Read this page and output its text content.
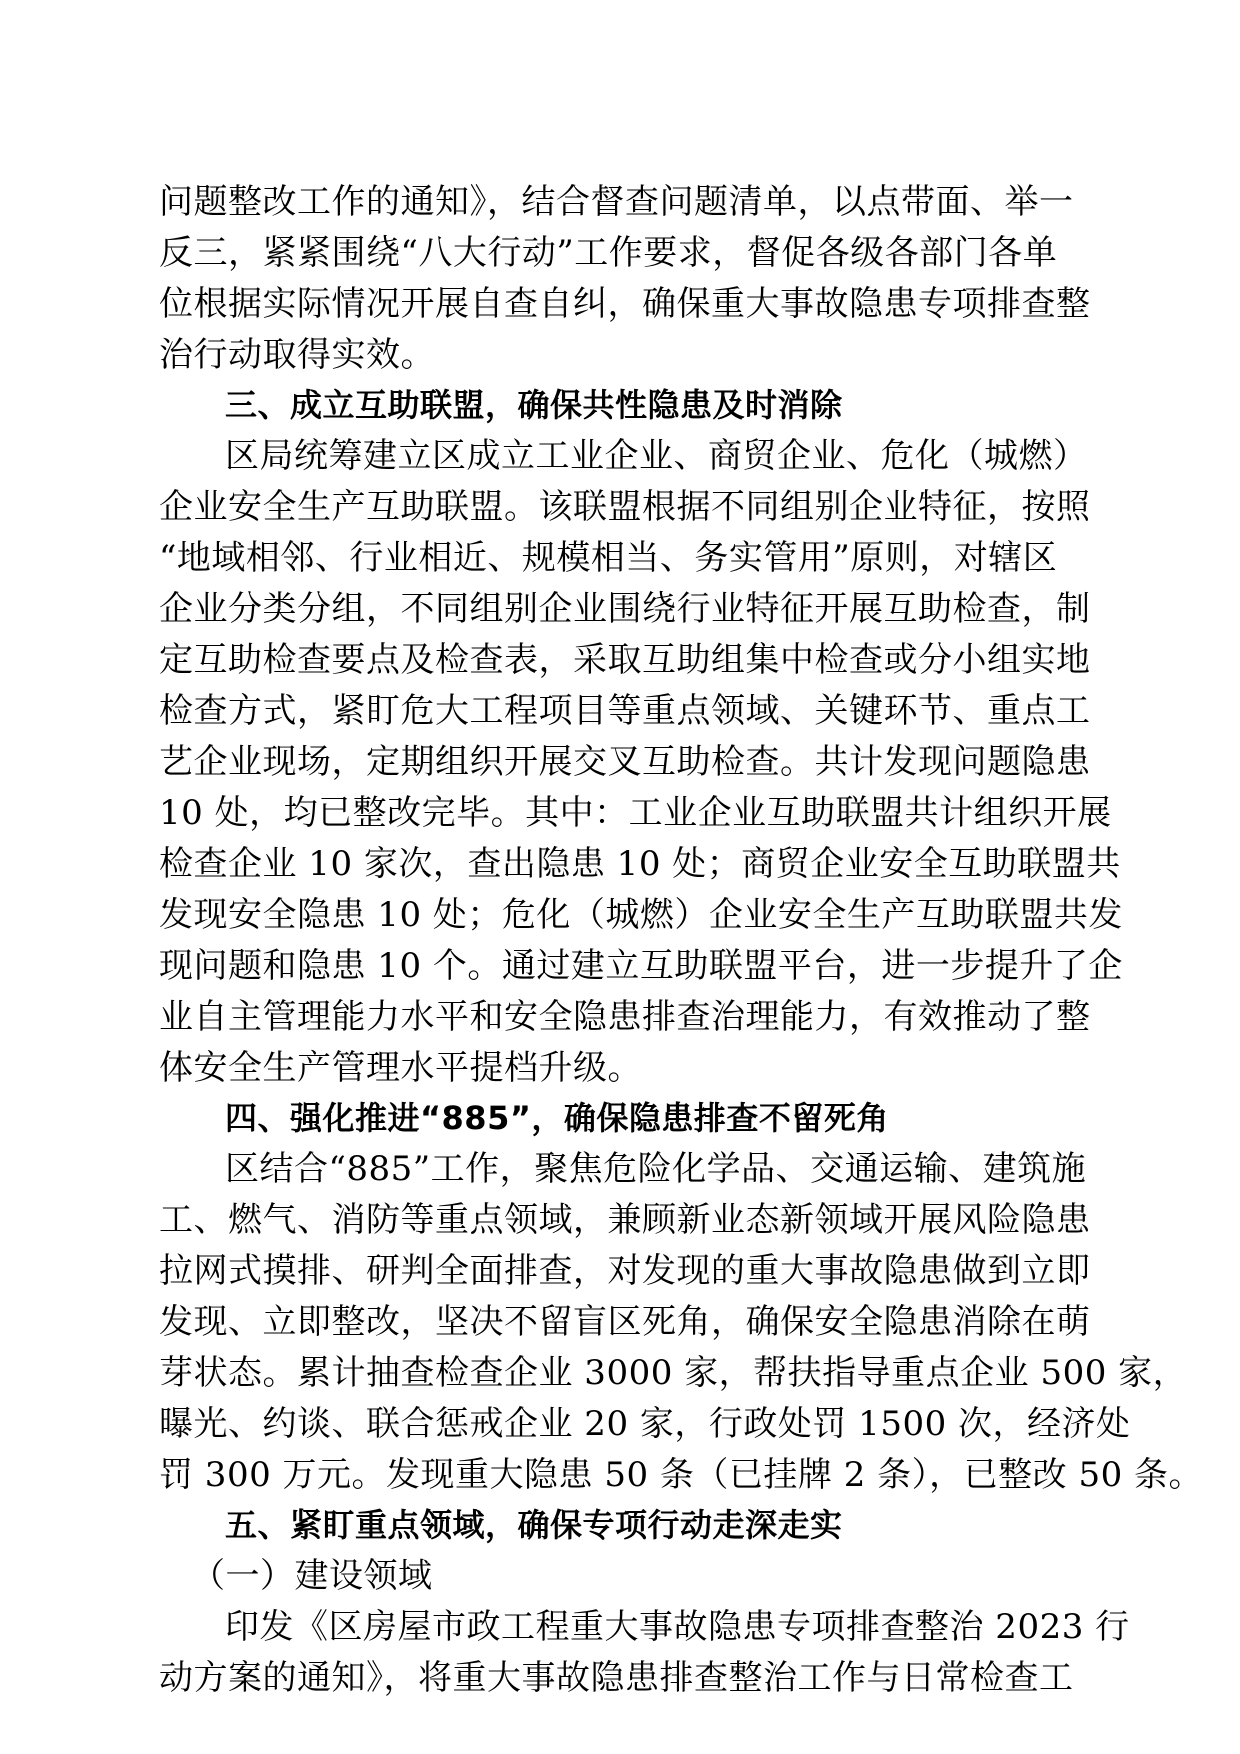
问题整改工作的通知》，结合督查问题清单，以点带面、举一
反三，紧紧围绕“八大行动”工作要求，督促各级各部门各单
位根据实际情况开展自查自纠，确保重大事故隐患专项排查整
治行动取得实效。
三、成立互助联盟，确保共性隐患及时消除
区局统筹建立区成立工业企业、商贸企业、危化（城燃）
企业安全生产互助联盟。该联盟根据不同组别企业特征，按照
“地域相邻、行业相近、规模相当、务实管用”原则，对辖区
企业分类分组，不同组别企业围绕行业特征开展互助检查，制
定互助检查要点及检查表，采取互助组集中检查或分小组实地
检查方式，紧盯危大工程项目等重点领域、关键环节、重点工
艺企业现场，定期组织开展交叉互助检查。共计发现问题隐患
10 处，均已整改完毕。其中：工业企业互助联盟共计组织开展
检查企业 10 家次，查出隐患 10 处；商贸企业安全互助联盟共
发现安全隐患 10 处；危化（城燃）企业安全生产互助联盟共发
现问题和隐患 10 个。通过建立互助联盟平台，进一步提升了企
业自主管理能力水平和安全隐患排查治理能力，有效推动了整
体安全生产管理水平提档升级。
四、强化推进“885”，确保隐患排查不留死角
区结合“885”工作，聚焦危险化学品、交通运输、建筑施
工、燃气、消防等重点领域，兼顾新业态新领域开展风险隐患
拉网式摸排、研判全面排查，对发现的重大事故隐患做到立即
发现、立即整改，坚决不留盲区死角，确保安全隐患消除在萌
芽状态。累计抽查检查企业 3000 家，帮扶指导重点企业 500 家，
曝光、约谈、联合惩戒企业 20 家，行政处罚 1500 次，经济处
罚 300 万元。发现重大隐患 50 条（已挂牌 2 条），已整改 50 条。
五、紧盯重点领域，确保专项行动走深走实
（一）建设领域
印发《区房屋市政工程重大事故隐患专项排查整治 2023 行
动方案的通知》，将重大事故隐患排查整治工作与日常检查工
